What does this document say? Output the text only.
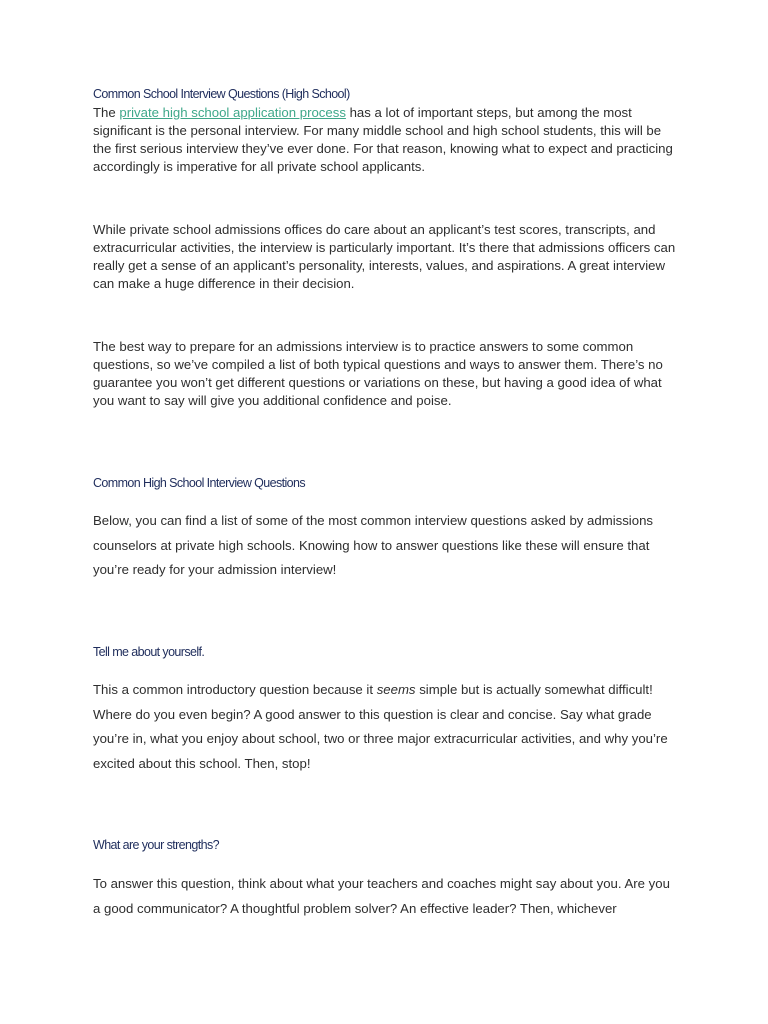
Common School Interview Questions (High School)

The private high school application process has a lot of important steps, but among the most significant is the personal interview. For many middle school and high school students, this will be the first serious interview they’ve ever done. For that reason, knowing what to expect and practicing accordingly is imperative for all private school applicants.

While private school admissions offices do care about an applicant’s test scores, transcripts, and extracurricular activities, the interview is particularly important. It’s there that admissions officers can really get a sense of an applicant’s personality, interests, values, and aspirations. A great interview can make a huge difference in their decision.

The best way to prepare for an admissions interview is to practice answers to some common questions, so we’ve compiled a list of both typical questions and ways to answer them. There’s no guarantee you won’t get different questions or variations on these, but having a good idea of what you want to say will give you additional confidence and poise.

Common High School Interview Questions

Below, you can find a list of some of the most common interview questions asked by admissions counselors at private high schools. Knowing how to answer questions like these will ensure that you’re ready for your admission interview!

Tell me about yourself.

This a common introductory question because it seems simple but is actually somewhat difficult! Where do you even begin? A good answer to this question is clear and concise. Say what grade you’re in, what you enjoy about school, two or three major extracurricular activities, and why you’re excited about this school. Then, stop!

What are your strengths?

To answer this question, think about what your teachers and coaches might say about you. Are you a good communicator? A thoughtful problem solver? An effective leader? Then, whichever
